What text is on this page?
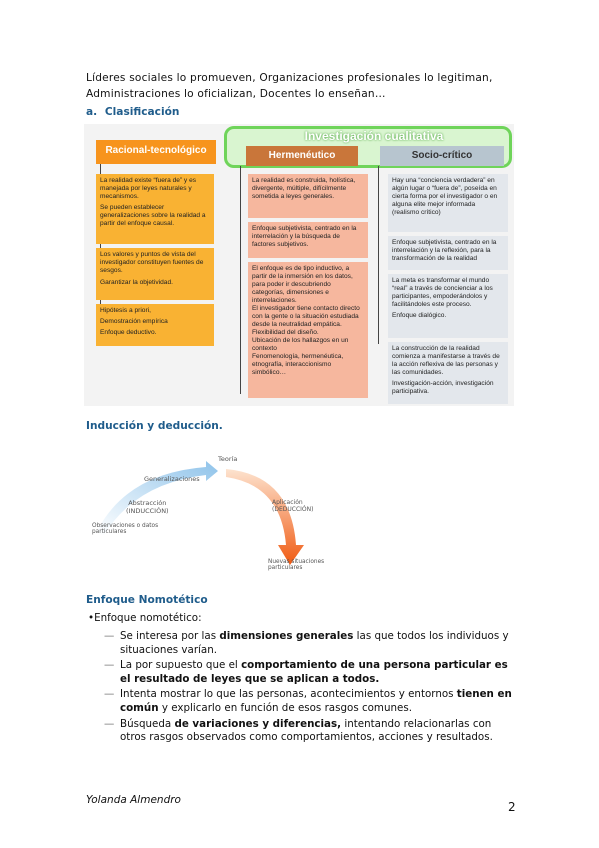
Líderes sociales lo promueven, Organizaciones profesionales lo legitiman, Administraciones lo oficializan, Docentes lo enseñan…
a. Clasificación
Investigación cualitativa
Racional-tecnológico	Hermenéutico	Socio-crítico
La realidad existe “fuera de” y es manejada por leyes naturales y mecanismos.
Se pueden establecer generalizaciones sobre la realidad a partir del enfoque causal.
Los valores y puntos de vista del investigador constituyen fuentes de sesgos.
Garantizar la objetividad.
Hipótesis a priori,
Demostración empírica
Enfoque deductivo.
La realidad es construida, holística, divergente, múltiple, difícilmente sometida a leyes generales.
Enfoque subjetivista, centrado en la interrelación y la búsqueda de factores subjetivos.
El enfoque es de tipo inductivo, a partir de la inmersión en los datos, para poder ir descubriendo categorías, dimensiones e interrelaciones.
El investigador tiene contacto directo con la gente o la situación estudiada desde la neutralidad empática.
Flexibilidad del diseño.
Ubicación de los hallazgos en un contexto
Fenomenología, hermenéutica, etnografía, interaccionismo simbólico…
Hay una “conciencia verdadera” en algún lugar o “fuera de”, poseída en cierta forma por el investigador o en alguna elite mejor informada (realismo crítico)
Enfoque subjetivista, centrado en la interrelación y la reflexión, para la transformación de la realidad
La meta es transformar el mundo “real” a través de concienciar a los participantes, empoderándolos y facilitándoles este proceso.
Enfoque dialógico.
La construcción de la realidad comienza a manifestarse a través de la acción reflexiva de las personas y las comunidades.
Investigación-acción, investigación participativa.
Inducción y deducción.
Teoría
Generalizaciones
Abstracción
(INDUCCIÓN)
Observaciones o datos
particulares
Aplicación
(DEDUCCIÓN)
Nuevas situaciones
particulares
Enfoque Nomotético
•Enfoque nomotético:
— Se interesa por las dimensiones generales las que todos los individuos y situaciones varían.
— La por supuesto que el comportamiento de una persona particular es el resultado de leyes que se aplican a todos.
— Intenta mostrar lo que las personas, acontecimientos y entornos tienen en común y explicarlo en función de esos rasgos comunes.
— Búsqueda de variaciones y diferencias, intentando relacionarlas con otros rasgos observados como comportamientos, acciones y resultados.
Yolanda Almendro	2
